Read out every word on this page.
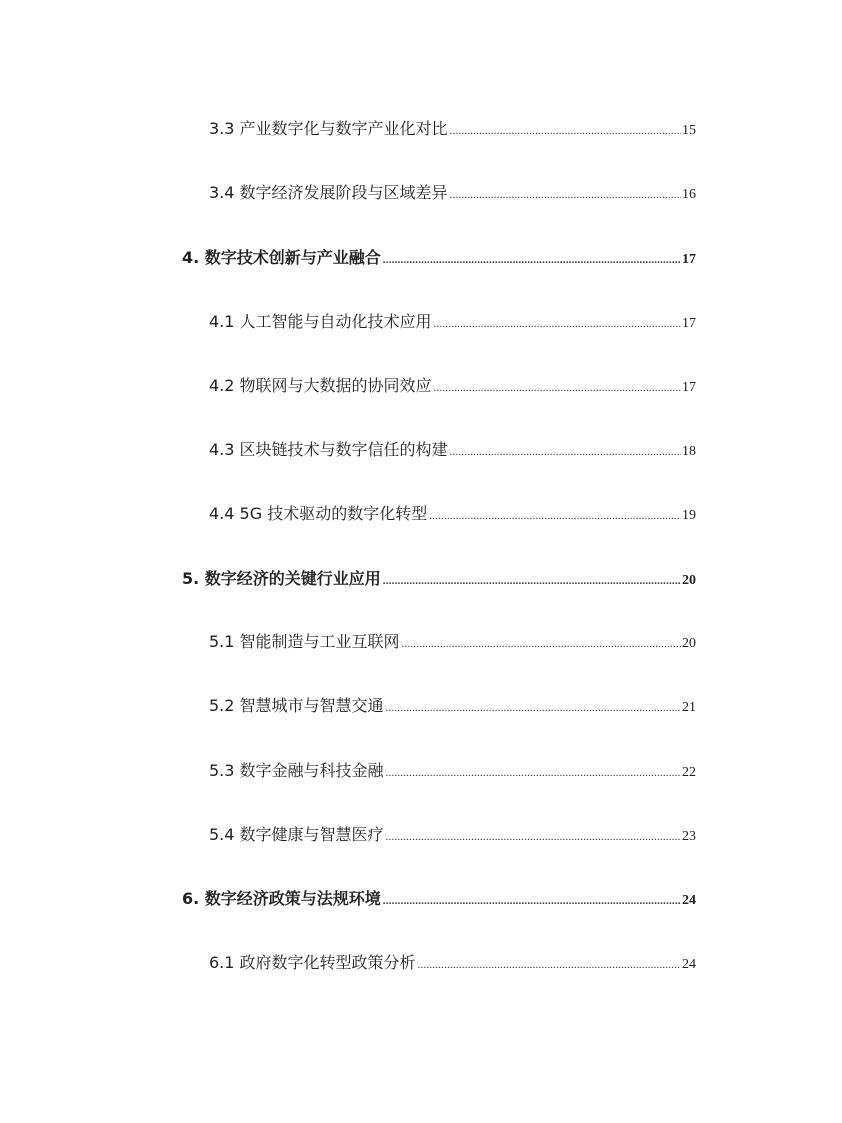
3.3 产业数字化与数字产业化对比 .....	15
3.4 数字经济发展阶段与区域差异 .....	16
4. 数字技术创新与产业融合 .....	17
4.1 人工智能与自动化技术应用 .....	17
4.2 物联网与大数据的协同效应 .....	17
4.3 区块链技术与数字信任的构建 .....	18
4.4 5G 技术驱动的数字化转型 .....	19
5. 数字经济的关键行业应用 .....	20
5.1 智能制造与工业互联网 .....	20
5.2 智慧城市与智慧交通 .....	21
5.3 数字金融与科技金融 .....	22
5.4 数字健康与智慧医疗 .....	23
6. 数字经济政策与法规环境 .....	24
6.1 政府数字化转型政策分析 .....	24
